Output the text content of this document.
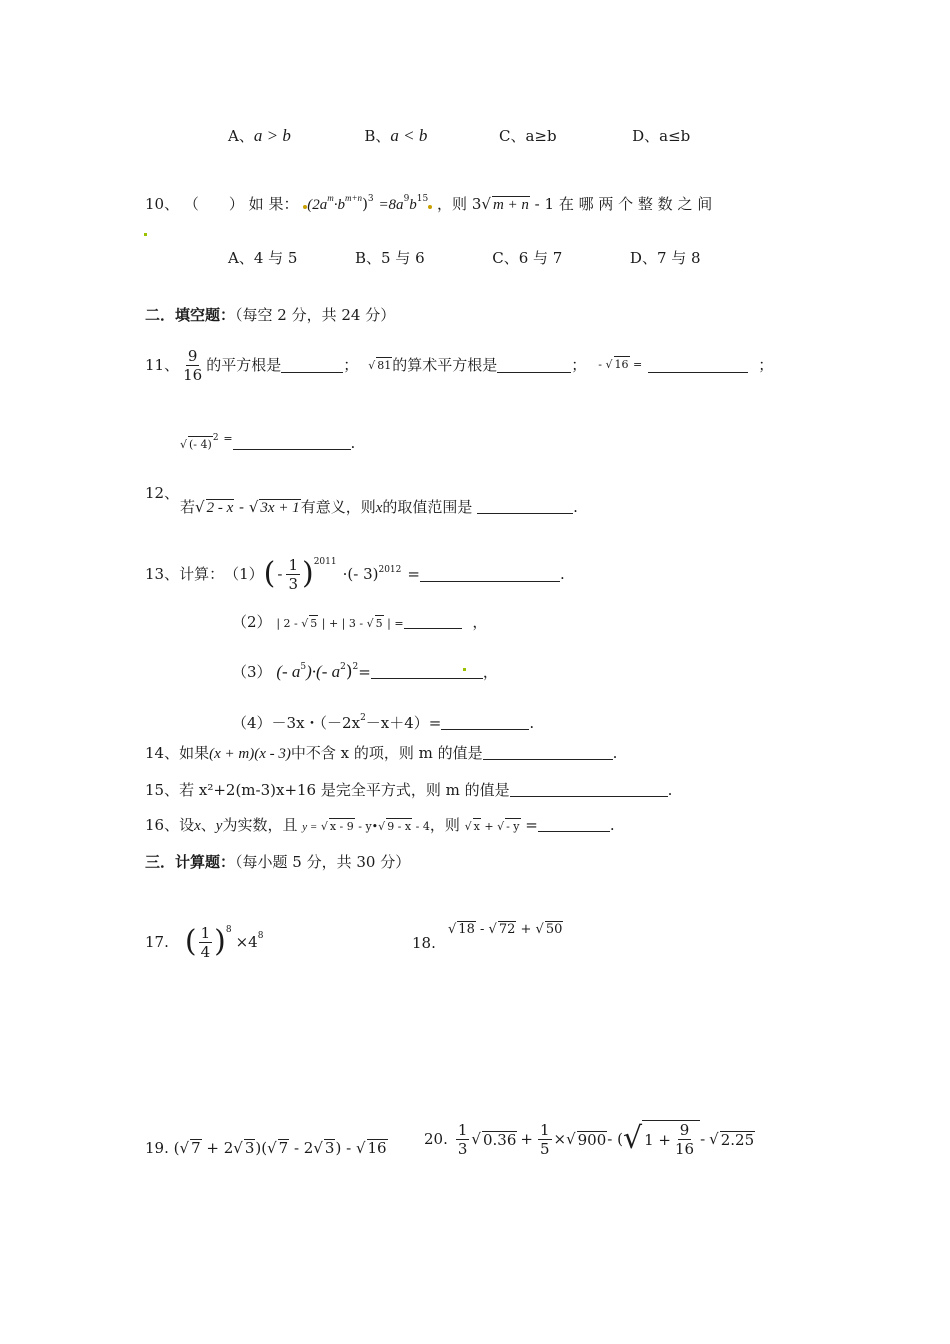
A、a > b	B、a < b	C、a≥b	D、a≤b
10、 （　　） 如 果： $(2a^m\cdot b^{m+n})^3 =8a^9b^{15}$ ，则 3√ m + n - 1 在 哪 两 个 整 数 之 间
A、4 与 5	B、5 与 6	C、6 与 7	D、7 与 8
二．填空题：（每空 2 分，共 24 分）
11、 $\frac{9}{16}$ 的平方根是	； √ 81 的算术平方根是	； - √ 16 =	；
√ (- 4)$^2$ =	.
12、
若√ 2 - x - √ 3x + 1有意义，则x的取值范围是	.
13、计算： （1） ( - $\frac{1}{3} )^{2011}$
·(- 3)$^{2012}$ =	.
（2） | 2 - √ 5 | + | 3 - √ 5 | =	，
（3） (- $a^5)\cdot(-$ $a^2)^2=$	，
（4）－3x・$(-2x^2-x+4)=$	.
14、如果(x + m)(x - 3)中不含 x 的项，则 m 的值是	.
15、若 x²+2(m-3)x+16 是完全平方式，则 m 的值是	.
16、设x、y为实数，且 y = √ x - 9 - y•√ 9 - x - 4，则 √ x + √ - y =	.
三．计算题：（每小题 5 分，共 30 分）
17. ( $\frac{1}{4} )^8$
$\times 4^8$	18.
√ 18 - √ 72 + √ 50
19. (√ 7 + 2√ 3)(√ 7 - 2√ 3) - √ 16 20. $\frac{1}{3}$ √ $0.36 + \frac{1}{5}$ × √ 900 - ( √ $1 + \frac{9}{16}$ - √ 2.25
